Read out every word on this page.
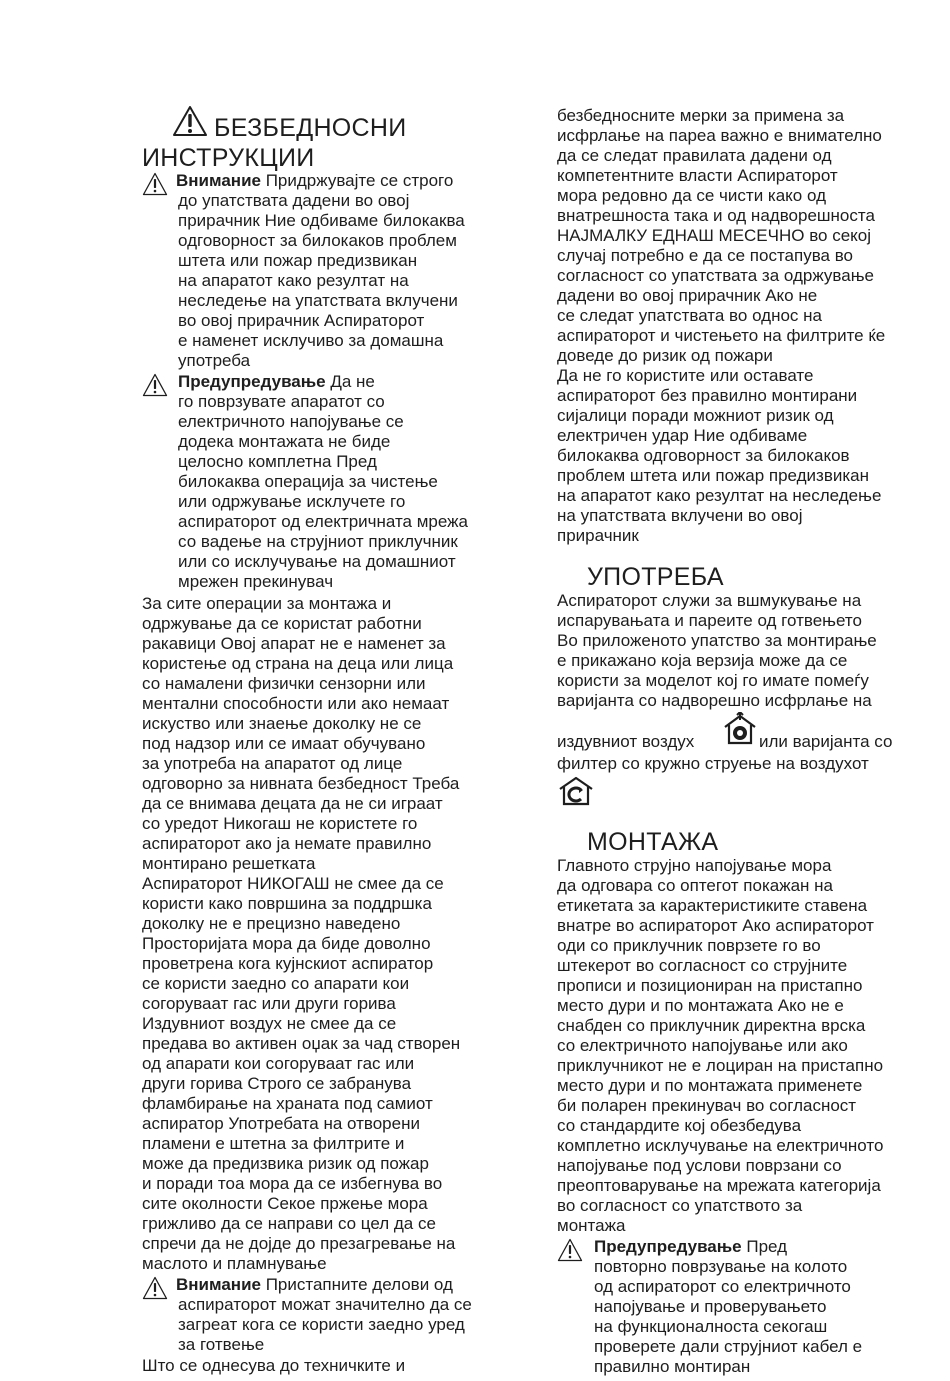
БЕЗБЕДНОСНИ
ИНСТРУКЦИИ
Внимание Придржувајте се строго
до упатствата дадени во овој
прирачник Ние одбиваме билокаква
одговорност за билокаков проблем
штета или пожар предизвикан
на апаратот како резултат на
неследење на упатствата вклучени
во овој прирачник Аспираторот
е наменет исклучиво за домашна
употреба
Предупредување Да не
го поврзувате апаратот со
електричното напојување се
додека монтажата не биде
целосно комплетна Пред
билокаква операција за чистење
или одржување исклучете го
аспираторот од електричната мрежа
со вадење на струјниот приклучник
или со исклучување на домашниот
мрежен прекинувач
За сите операции за монтажа и
одржување да се користат работни
ракавици Овој апарат не е наменет за
користење од страна на деца или лица
со намалени физички сензорни или
ментални способности или ако немаат
искуство или знаење доколку не се
под надзор или се имаат обучувано
за употреба на апаратот од лице
одговорно за нивната безбедност Треба
да се внимава децата да не си играат
со уредот Никогаш не користете го
аспираторот ако ја немате правилно
монтирано решетката
Аспираторот НИКОГАШ не смее да се
користи како површина за поддршка
доколку не е прецизно наведено
Просторијата мора да биде доволно
проветрена кога кујнскиот аспиратор
се користи заедно со апарати кои
согоруваат гас или други горива
Издувниот воздух не смее да се
предава во активен оџак за чад створен
од апарати кои согоруваат гас или
други горива Строго се забранува
фламбирање на храната под самиот
аспиратор Употребата на отворени
пламени е штетна за филтрите и
може да предизвика ризик од пожар
и поради тоа мора да се избегнува во
сите околности Секое пржење мора
грижливо да се направи со цел да се
спречи да не дојде до презагревање на
маслото и пламнување
Внимание Пристапните делови од
аспираторот можат значително да се
загреат кога се користи заедно уред
за готвење
Што се однесува до техничките и
безбедносните мерки за примена за
исфрлање на пареа важно е внимателно
да се следат правилата дадени од
компетентните власти Аспираторот
мора редовно да се чисти како од
внатрешноста така и од надворешноста
НАЈМАЛКУ ЕДНАШ МЕСЕЧНО во секој
случај потребно е да се постапува во
согласност со упатствата за одржување
дадени во овој прирачник Ако не
се следат упатствата во однос на
аспираторот и чистењето на филтрите ќе
доведе до ризик од пожари
Да не го користите или оставате
аспираторот без правилно монтирани
сијалици поради можниот ризик од
електричен удар Ние одбиваме
билокаква одговорност за билокаков
проблем штета или пожар предизвикан
на апаратот како резултат на неследење
на упатствата вклучени во овој
прирачник
УПОТРЕБА
Аспираторот служи за вшмукување на
испарувањата и пареите од готвењето
Во приложеното упатство за монтирање
е прикажано која верзија може да се
користи за моделот кој го имате помеѓу
варијанта со надворешно исфрлање на
издувниот воздух	или варијанта со
филтер со кружно струење на воздухот
МОНТАЖА
Главното струјно напојување мора
да одговара со оптегот покажан на
етикетата за карактеристиките ставена
внатре во аспираторот Ако аспираторот
оди со приклучник поврзете го во
штекерот во согласност со струјните
прописи и позициониран на пристапно
место дури и по монтажата Ако не е
снабден со приклучник директна врска
со електричното напојување или ако
приклучникот не е лоциран на пристапно
место дури и по монтажата применете
би поларен прекинувач во согласност
со стандардите кој обезбедува
комплетно исклучување на електричното
напојување под услови поврзани со
преоптоварување на мрежата категорија
во согласност со упатството за
монтажа
Предупредување Пред
повторно поврзување на колото
од аспираторот со електричното
напојување и проверувањето
на функционалноста секогаш
проверете дали струјниот кабел е
правилно монтиран
